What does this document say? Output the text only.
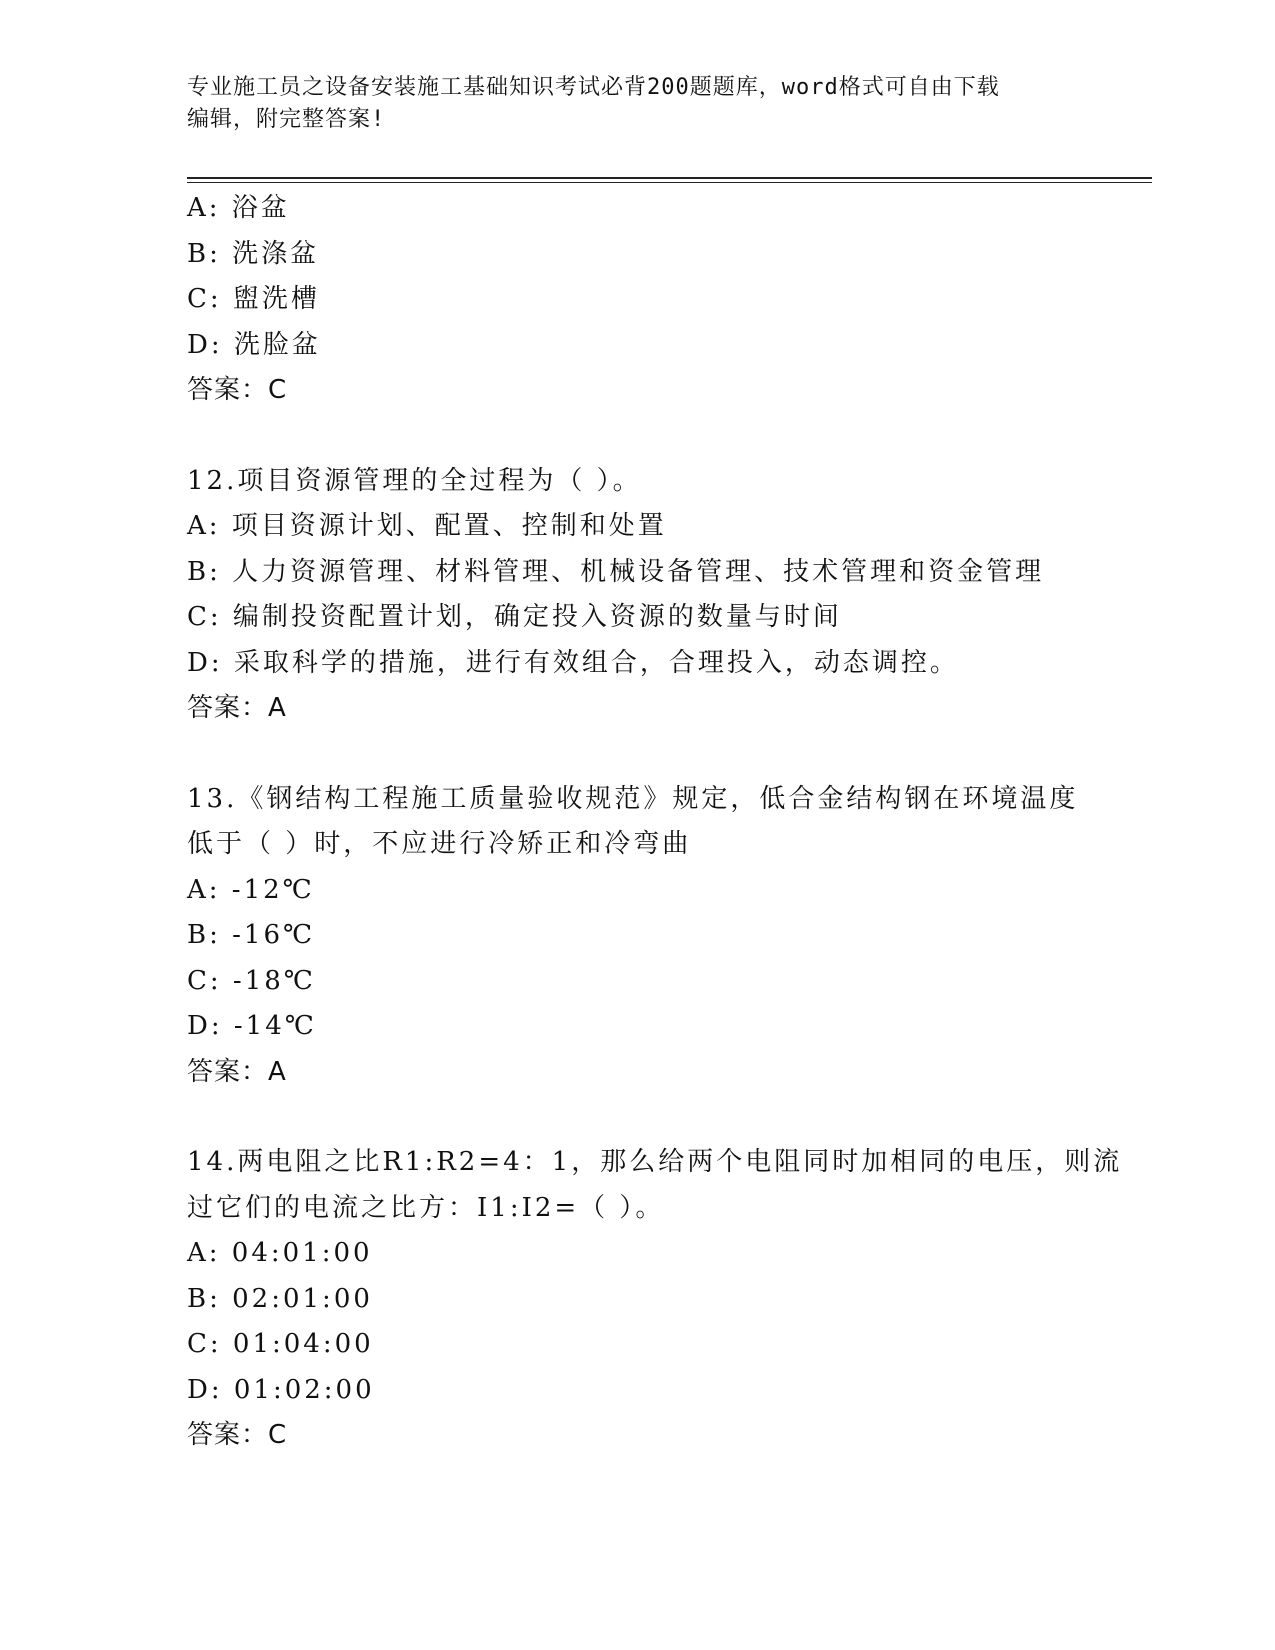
专业施工员之设备安装施工基础知识考试必背200题题库，word格式可自由下载
编辑，附完整答案!
A: 浴盆
B: 洗涤盆
C: 盥洗槽
D: 洗脸盆
答案：C
12.项目资源管理的全过程为（ ）。
A: 项目资源计划、配置、控制和处置
B: 人力资源管理、材料管理、机械设备管理、技术管理和资金管理
C: 编制投资配置计划，确定投入资源的数量与时间
D: 采取科学的措施，进行有效组合，合理投入，动态调控。
答案：A
13.《钢结构工程施工质量验收规范》规定，低合金结构钢在环境温度
低于（ ）时，不应进行冷矫正和冷弯曲
A: -12℃
B: -16℃
C: -18℃
D: -14℃
答案：A
14.两电阻之比R1:R2=4：1，那么给两个电阻同时加相同的电压，则流
过它们的电流之比方：I1:I2=（ ）。
A: 04:01:00
B: 02:01:00
C: 01:04:00
D: 01:02:00
答案：C
